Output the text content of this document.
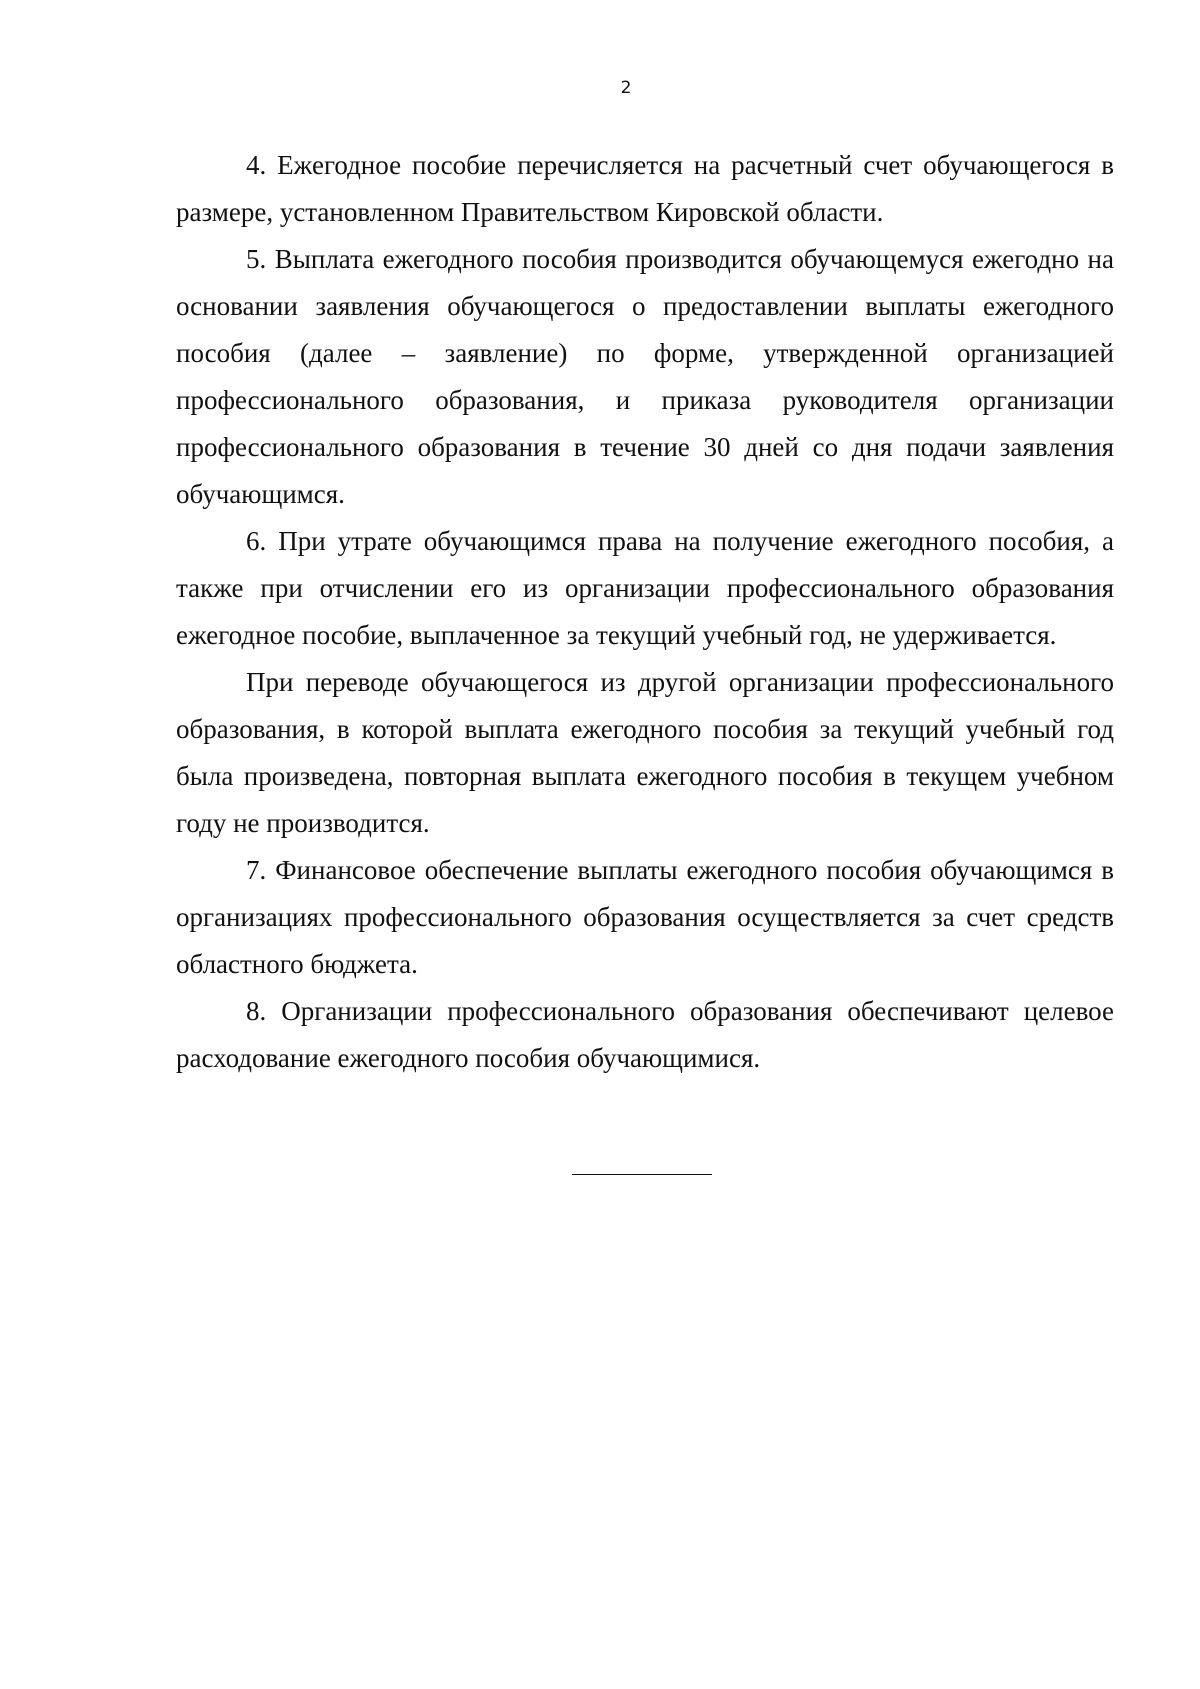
2

4. Ежегодное пособие перечисляется на расчетный счет обучающегося в размере, установленном Правительством Кировской области.

5. Выплата ежегодного пособия производится обучающемуся ежегодно на основании заявления обучающегося о предоставлении выплаты ежегодного пособия (далее – заявление) по форме, утвержденной организацией профессионального образования, и приказа руководителя организации профессионального образования в течение 30 дней со дня подачи заявления обучающимся.

6. При утрате обучающимся права на получение ежегодного пособия, а также при отчислении его из организации профессионального образования ежегодное пособие, выплаченное за текущий учебный год, не удерживается.

При переводе обучающегося из другой организации профессионального образования, в которой выплата ежегодного пособия за текущий учебный год была произведена, повторная выплата ежегодного пособия в текущем учебном году не производится.

7. Финансовое обеспечение выплаты ежегодного пособия обучающимся в организациях профессионального образования осуществляется за счет средств областного бюджета.

8. Организации профессионального образования обеспечивают целевое расходование ежегодного пособия обучающимися.
